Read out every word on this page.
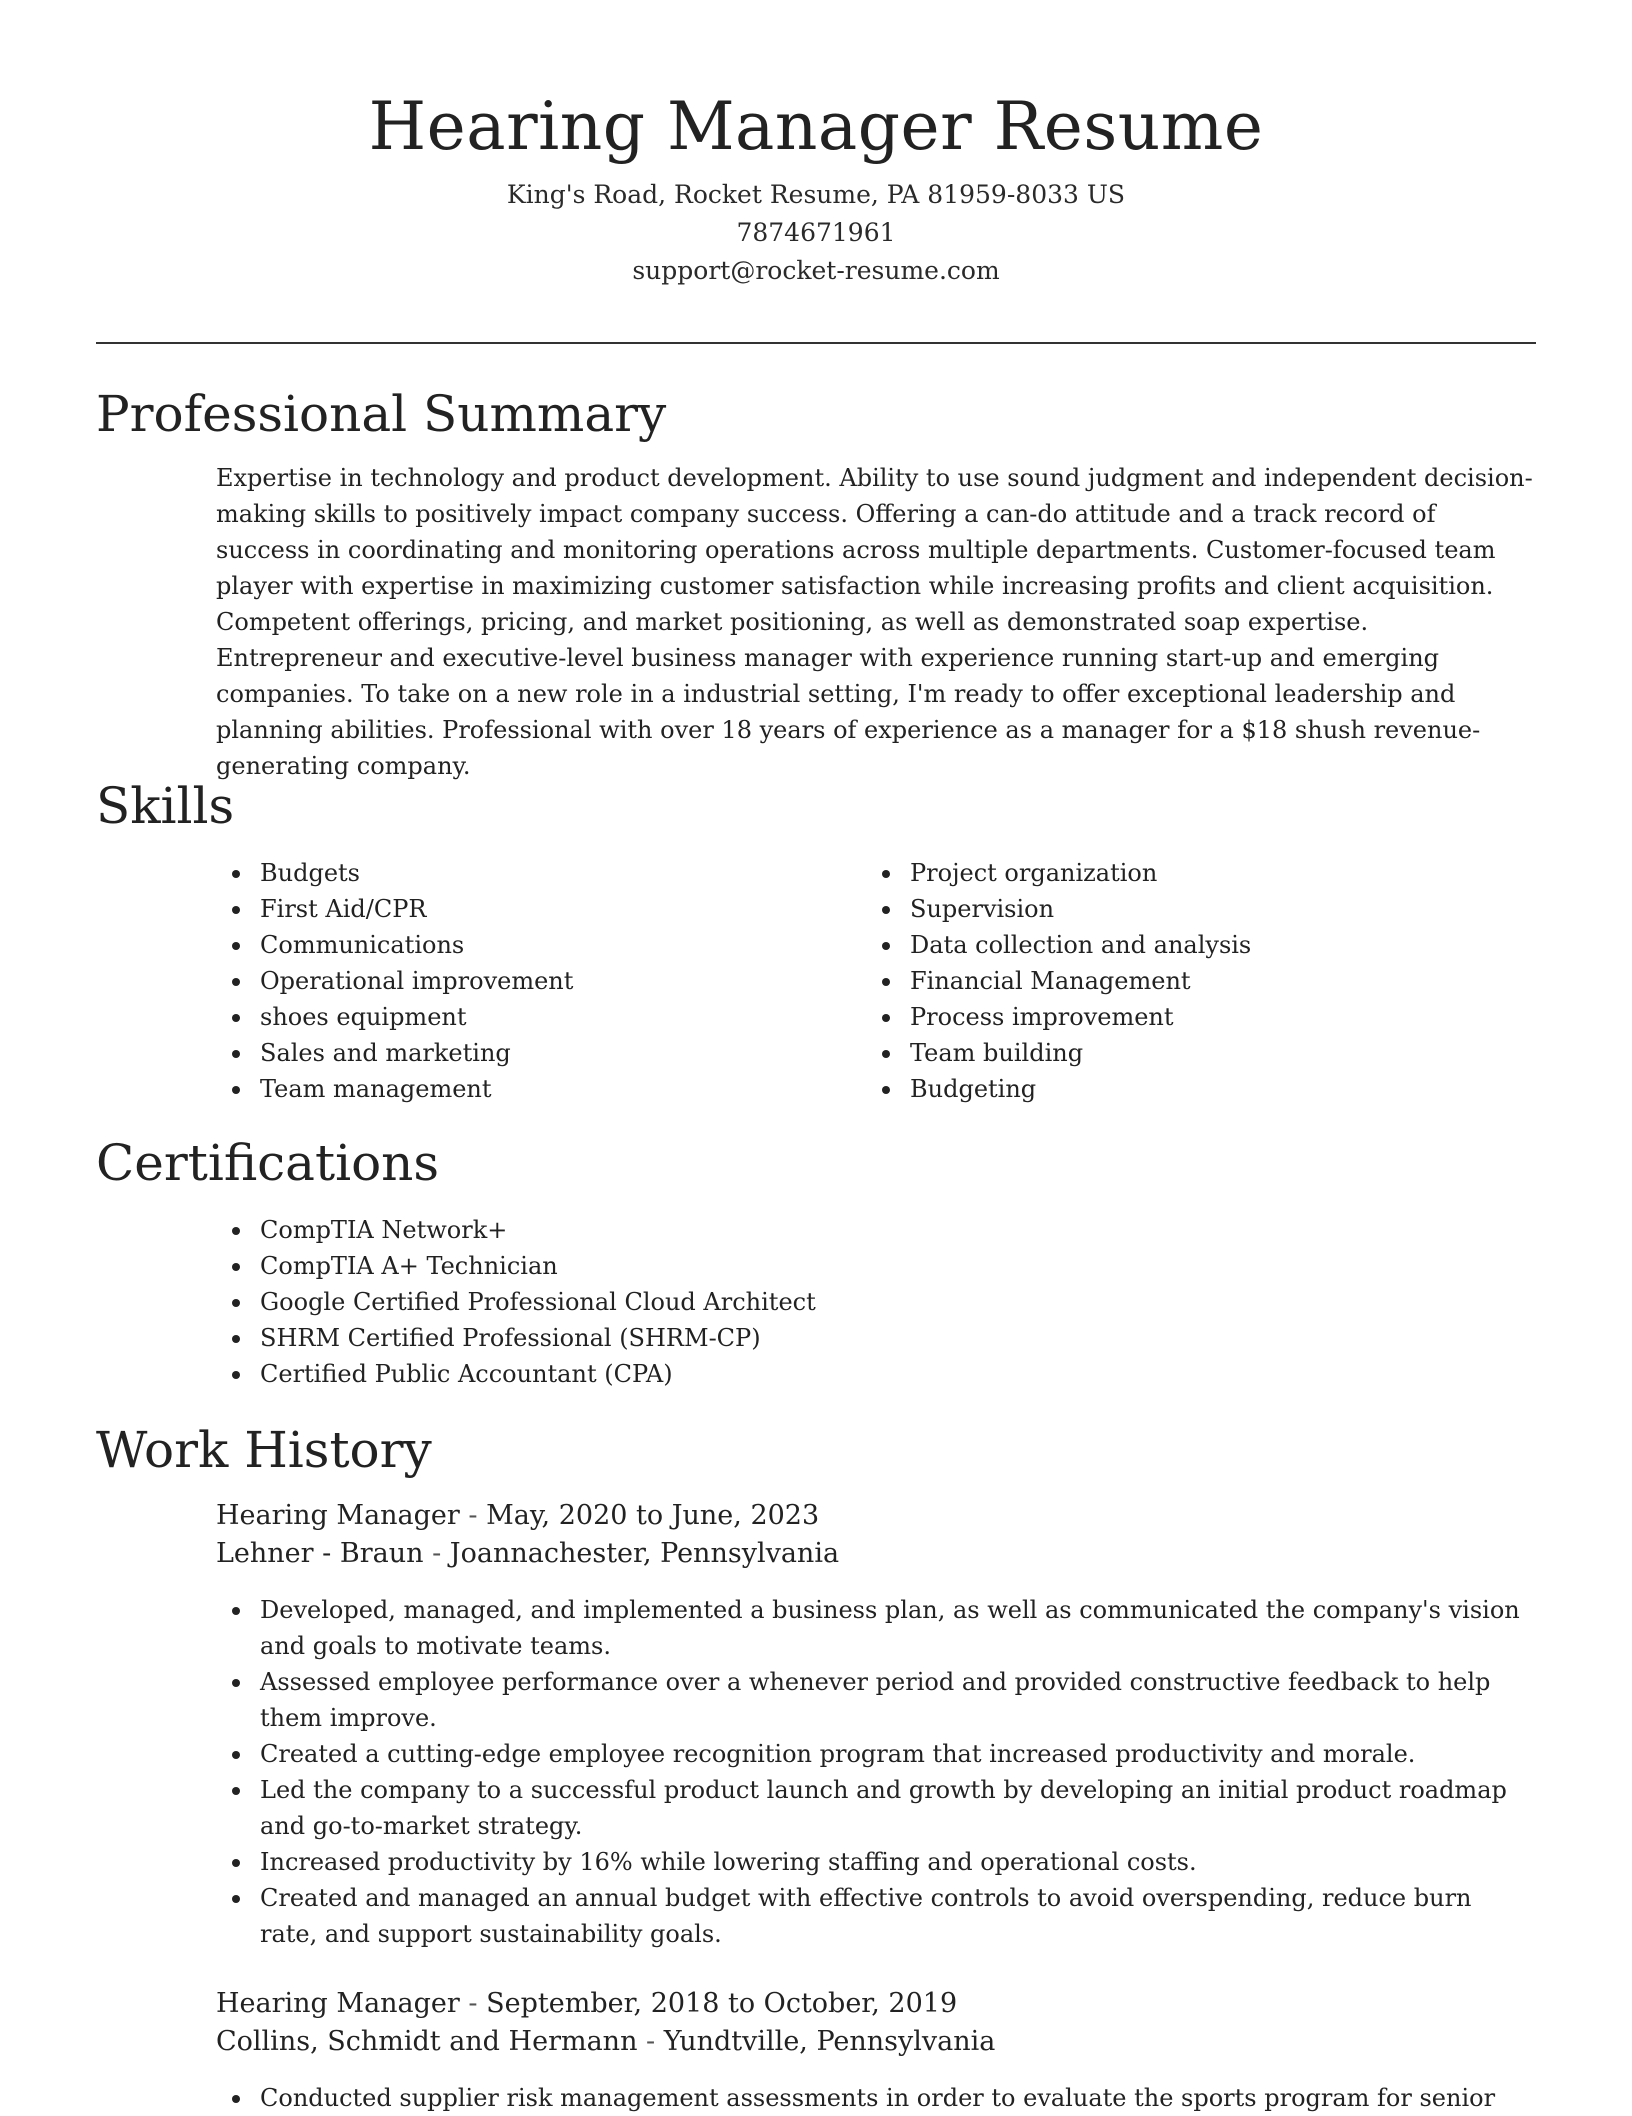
Hearing Manager Resume
King's Road, Rocket Resume, PA 81959-8033 US
7874671961
support@rocket-resume.com
Professional Summary

Expertise in technology and product development. Ability to use sound judgment and independent decision-making skills to positively impact company success. Offering a can-do attitude and a track record of success in coordinating and monitoring operations across multiple departments. Customer-focused team player with expertise in maximizing customer satisfaction while increasing profits and client acquisition. Competent offerings, pricing, and market positioning, as well as demonstrated soap expertise. Entrepreneur and executive-level business manager with experience running start-up and emerging companies. To take on a new role in a industrial setting, I'm ready to offer exceptional leadership and planning abilities. Professional with over 18 years of experience as a manager for a $18 shush revenue-generating company.

Skills
Budgets
First Aid/CPR
Communications
Operational improvement
shoes equipment
Sales and marketing
Team management
Project organization
Supervision
Data collection and analysis
Financial Management
Process improvement
Team building
Budgeting
Certifications
CompTIA Network+
CompTIA A+ Technician
Google Certified Professional Cloud Architect
SHRM Certified Professional (SHRM-CP)
Certified Public Accountant (CPA)
Work History
Hearing Manager - May, 2020 to June, 2023
Lehner - Braun - Joannachester, Pennsylvania
Developed, managed, and implemented a business plan, as well as communicated the company's vision and goals to motivate teams.
Assessed employee performance over a whenever period and provided constructive feedback to help them improve.
Created a cutting-edge employee recognition program that increased productivity and morale.
Led the company to a successful product launch and growth by developing an initial product roadmap and go-to-market strategy.
Increased productivity by 16% while lowering staffing and operational costs.
Created and managed an annual budget with effective controls to avoid overspending, reduce burn rate, and support sustainability goals.
Hearing Manager - September, 2018 to October, 2019
Collins, Schmidt and Hermann - Yundtville, Pennsylvania
Conducted supplier risk management assessments in order to evaluate the sports program for senior
